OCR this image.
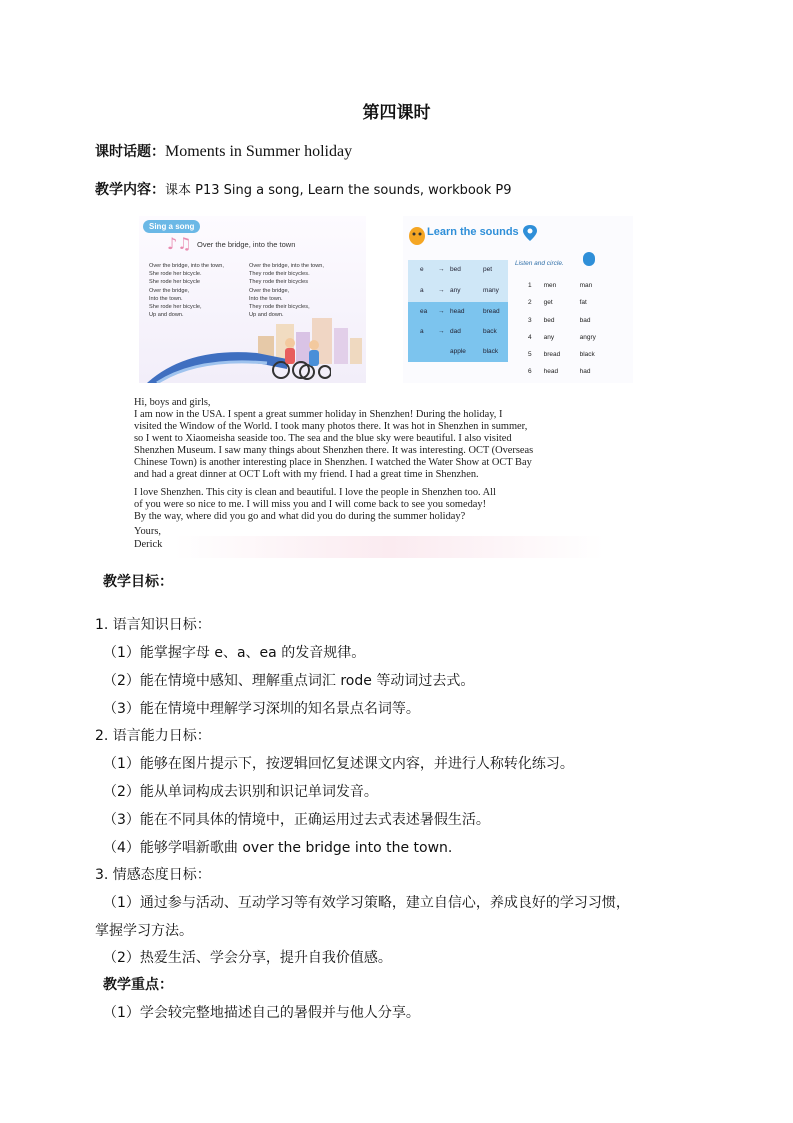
第四课时
课时话题：Moments in Summer holiday
教学内容：课本 P13 Sing a song, Learn the sounds, workbook P9
Sing a song
♪♫ Over the bridge, into the town
Over the bridge, into the town,
She rode her bicycle.
She rode her bicycle
Over the bridge,
Into the town.
She rode her bicycle,
Up and down.
Over the bridge, into the town,
They rode their bicycles.
They rode their bicycles
Over the bridge,
Into the town.
They rode their bicycles,
Up and down.
Learn the sounds
e → bed	pet
a → any	many
ea → head	bread
a → dad	back
apple	black
Listen and circle.
1 men	man
2 get	fat
3 bed	bad
4 any	angry
5 bread	black
6 head	had
Hi, boys and girls,
I am now in the USA. I spent a great summer holiday in Shenzhen! During the holiday, I
visited the Window of the World. I took many photos there. It was hot in Shenzhen in summer,
so I went to Xiaomeisha seaside too. The sea and the blue sky were beautiful. I also visited
Shenzhen Museum. I saw many things about Shenzhen there. It was interesting. OCT (Overseas
Chinese Town) is another interesting place in Shenzhen. I watched the Water Show at OCT Bay
and had a great dinner at OCT Loft with my friend. I had a great time in Shenzhen.
I love Shenzhen. This city is clean and beautiful. I love the people in Shenzhen too. All
of you were so nice to me. I will miss you and I will come back to see you someday!
By the way, where did you go and what did you do during the summer holiday?
Yours,
Derick
教学目标：
1. 语言知识日标：
（1）能掌握字母 e、a、ea 的发音规律。
（2）能在情境中感知、理解重点词汇 rode 等动词过去式。
（3）能在情境中理解学习深圳的知名景点名词等。
2. 语言能力日标：
（1）能够在图片提示下，按逻辑回忆复述课文内容，并进行人称转化练习。
（2）能从单词构成去识别和识记单词发音。
（3）能在不同具体的情境中，正确运用过去式表述暑假生活。
（4）能够学唱新歌曲 over the bridge into the town.
3. 情感态度日标：
（1）通过参与活动、互动学习等有效学习策略，建立自信心，养成良好的学习习惯，
掌握学习方法。
（2）热爱生活、学会分享，提升自我价值感。
教学重点：
（1）学会较完整地描述自己的暑假并与他人分享。
